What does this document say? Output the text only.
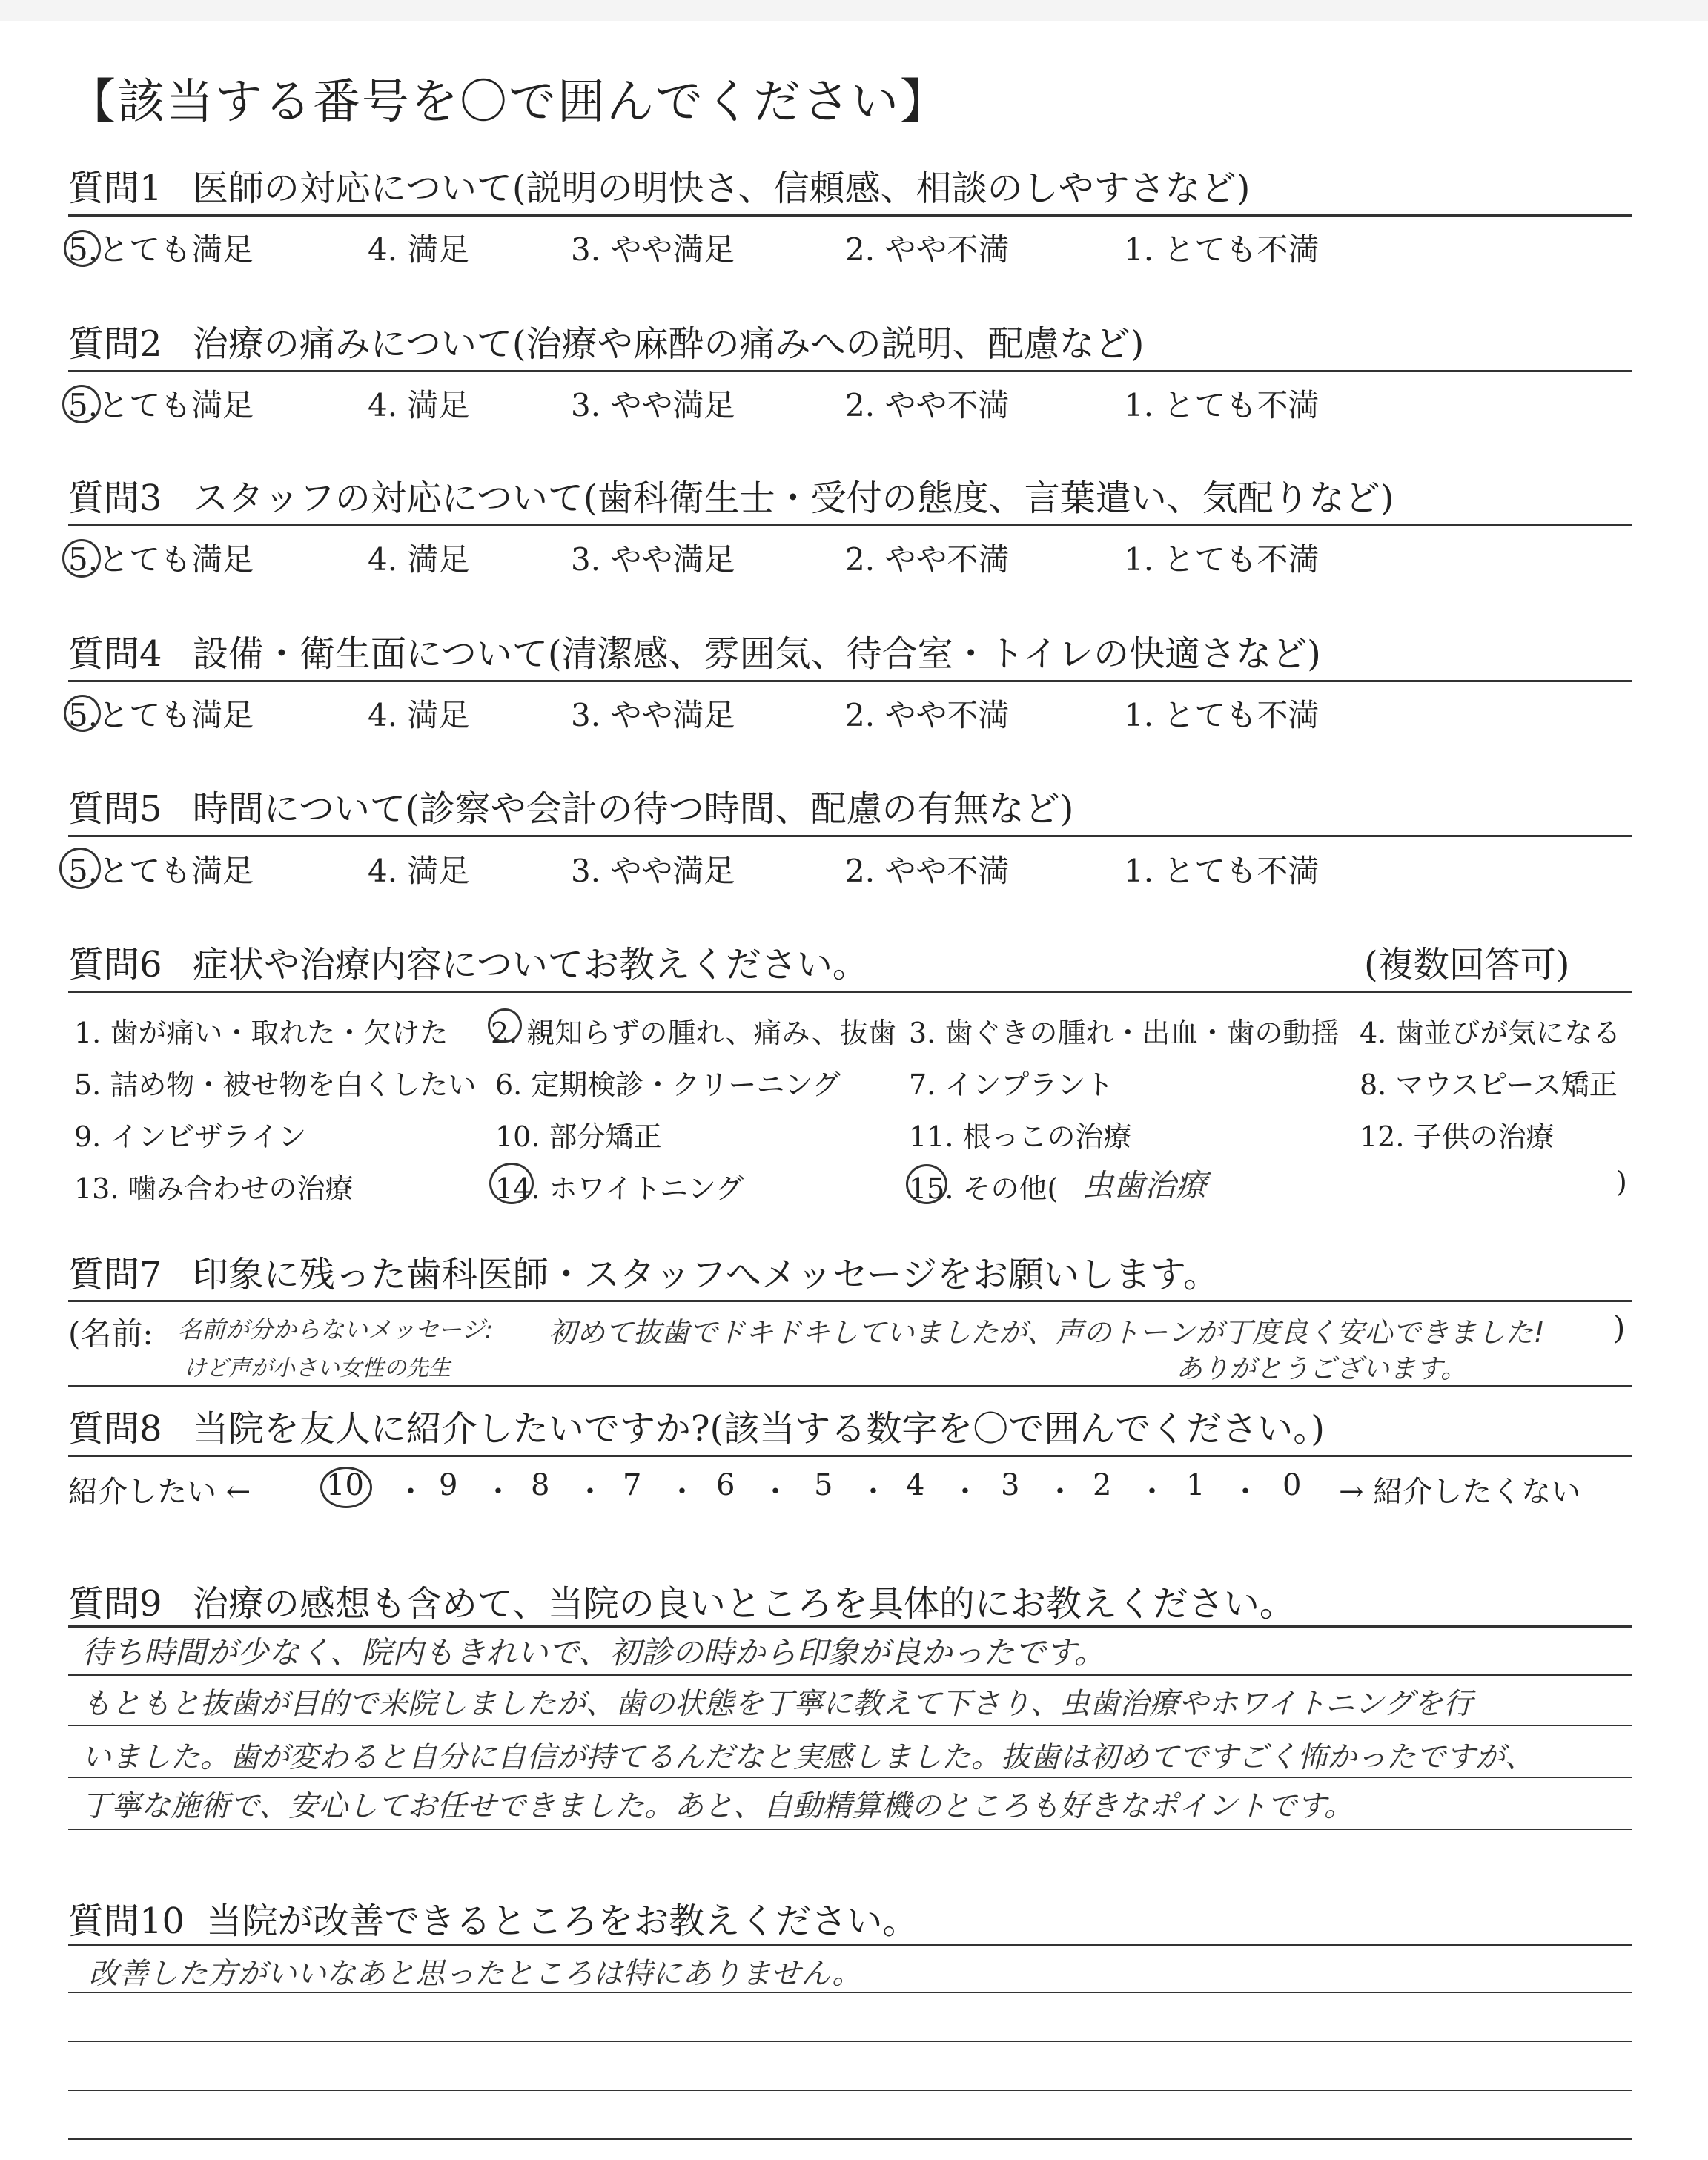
【該当する番号を〇で囲んでください】
質問1 医師の対応について(説明の明快さ、信頼感、相談のしやすさなど)
5.とても満足	4. 満足	3. やや満足	2. やや不満	1. とても不満
質問2 治療の痛みについて(治療や麻酔の痛みへの説明、配慮など)
5.とても満足	4. 満足	3. やや満足	2. やや不満	1. とても不満
質問3 スタッフの対応について(歯科衛生士・受付の態度、言葉遣い、気配りなど)
5.とても満足	4. 満足	3. やや満足	2. やや不満	1. とても不満
質問4 設備・衛生面について(清潔感、雰囲気、待合室・トイレの快適さなど)
5.とても満足	4. 満足	3. やや満足	2. やや不満	1. とても不満
質問5 時間について(診察や会計の待つ時間、配慮の有無など)
5.とても満足	4. 満足	3. やや満足	2. やや不満	1. とても不満
質問6 症状や治療内容についてお教えください。	(複数回答可)
1. 歯が痛い・取れた・欠けた 2. 親知らずの腫れ、痛み、抜歯 3. 歯ぐきの腫れ・出血・歯の動揺 4. 歯並びが気になる
5. 詰め物・被せ物を白くしたい 6. 定期検診・クリーニング 7. インプラント	8. マウスピース矯正
9. インビザライン	10. 部分矯正	11. 根っこの治療	12. 子供の治療
13. 噛み合わせの治療	14. ホワイトニング	15. その他( 虫歯治療	)
質問7 印象に残った歯科医師・スタッフへメッセージをお願いします。
(名前: 名前が分からないメッセージ:
けど声が小さい女性の先生
初めて抜歯でドキドキしていましたが、声のトーンが丁度良く安心できました!
ありがとうございます。
)
質問8 当院を友人に紹介したいですか?(該当する数字を〇で囲んでください。)
紹介したい ←	10 ・ 9 ・ 8 ・ 7 ・ 6 ・ 5 ・ 4 ・ 3 ・ 2 ・ 1 ・ 0 → 紹介したくない
質問9 治療の感想も含めて、当院の良いところを具体的にお教えください。
待ち時間が少なく、院内もきれいで、初診の時から印象が良かったです。
もともと抜歯が目的で来院しましたが、歯の状態を丁寧に教えて下さり、虫歯治療やホワイトニングを行
いました。歯が変わると自分に自信が持てるんだなと実感しました。抜歯は初めてですごく怖かったですが、
丁寧な施術で、安心してお任せできました。あと、自動精算機のところも好きなポイントです。
質問10 当院が改善できるところをお教えください。
改善した方がいいなあと思ったところは特にありません。
